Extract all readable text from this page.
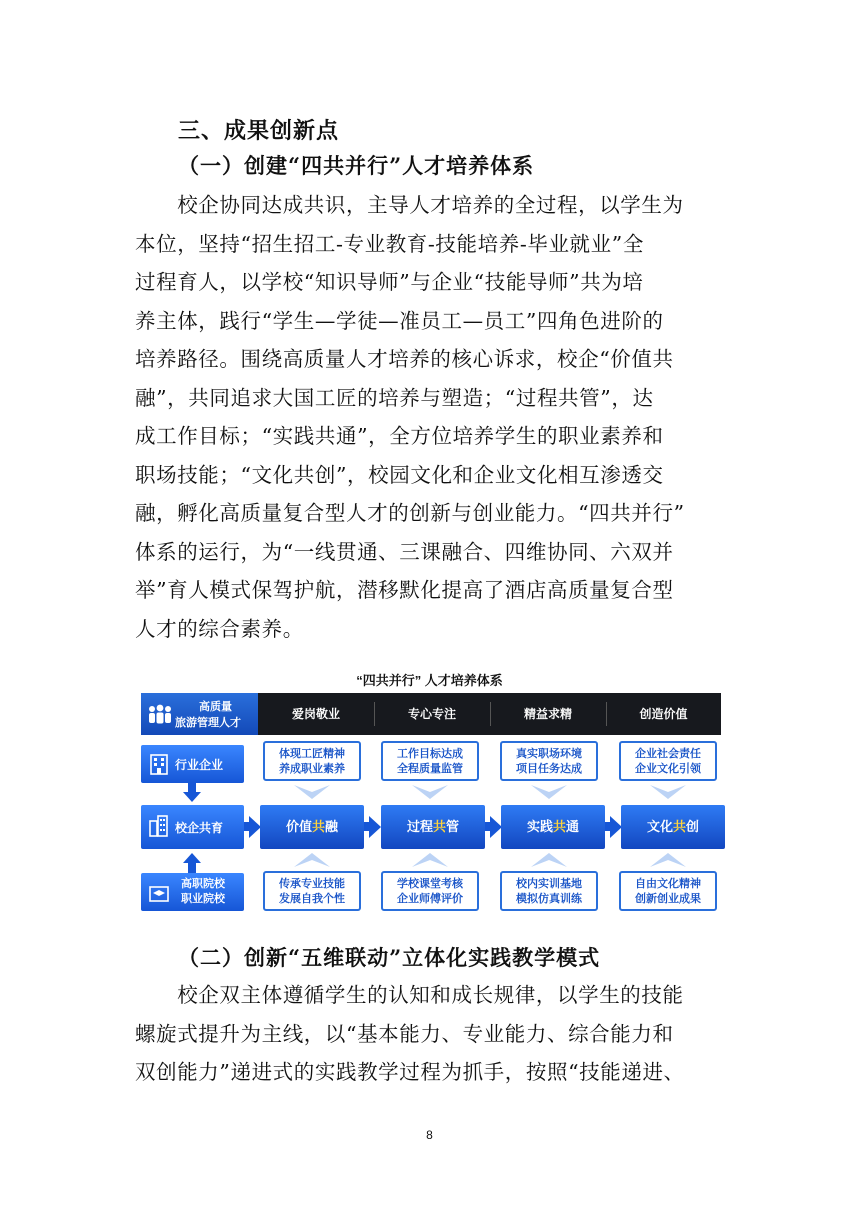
三、成果创新点
（一）创建“四共并行”人才培养体系
　　校企协同达成共识，主导人才培养的全过程，以学生为
本位，坚持“招生招工-专业教育-技能培养-毕业就业”全
过程育人，以学校“知识导师”与企业“技能导师”共为培
养主体，践行“学生—学徒—准员工—员工”四角色进阶的
培养路径。围绕高质量人才培养的核心诉求，校企“价值共
融”，共同追求大国工匠的培养与塑造；“过程共管”，达
成工作目标；“实践共通”，全方位培养学生的职业素养和
职场技能；“文化共创”，校园文化和企业文化相互渗透交
融，孵化高质量复合型人才的创新与创业能力。“四共并行”
体系的运行，为“一线贯通、三课融合、四维协同、六双并
举”育人模式保驾护航，潜移默化提高了酒店高质量复合型
人才的综合素养。
“四共并行” 人才培养体系
高质量
旅游管理人才
爱岗敬业	专心专注	精益求精	创造价值
行业企业
校企共育
高职院校
职业院校
体现工匠精神
养成职业素养
工作目标达成
全程质量监管
真实职场环境
项目任务达成
企业社会责任
企业文化引领
价值共融	过程共管	实践共通	文化共创
传承专业技能
发展自我个性
学校课堂考核
企业师傅评价
校内实训基地
模拟仿真训练
自由文化精神
创新创业成果
（二）创新“五维联动”立体化实践教学模式
　　校企双主体遵循学生的认知和成长规律，以学生的技能
螺旋式提升为主线，以“基本能力、专业能力、综合能力和
双创能力”递进式的实践教学过程为抓手，按照“技能递进、
8
